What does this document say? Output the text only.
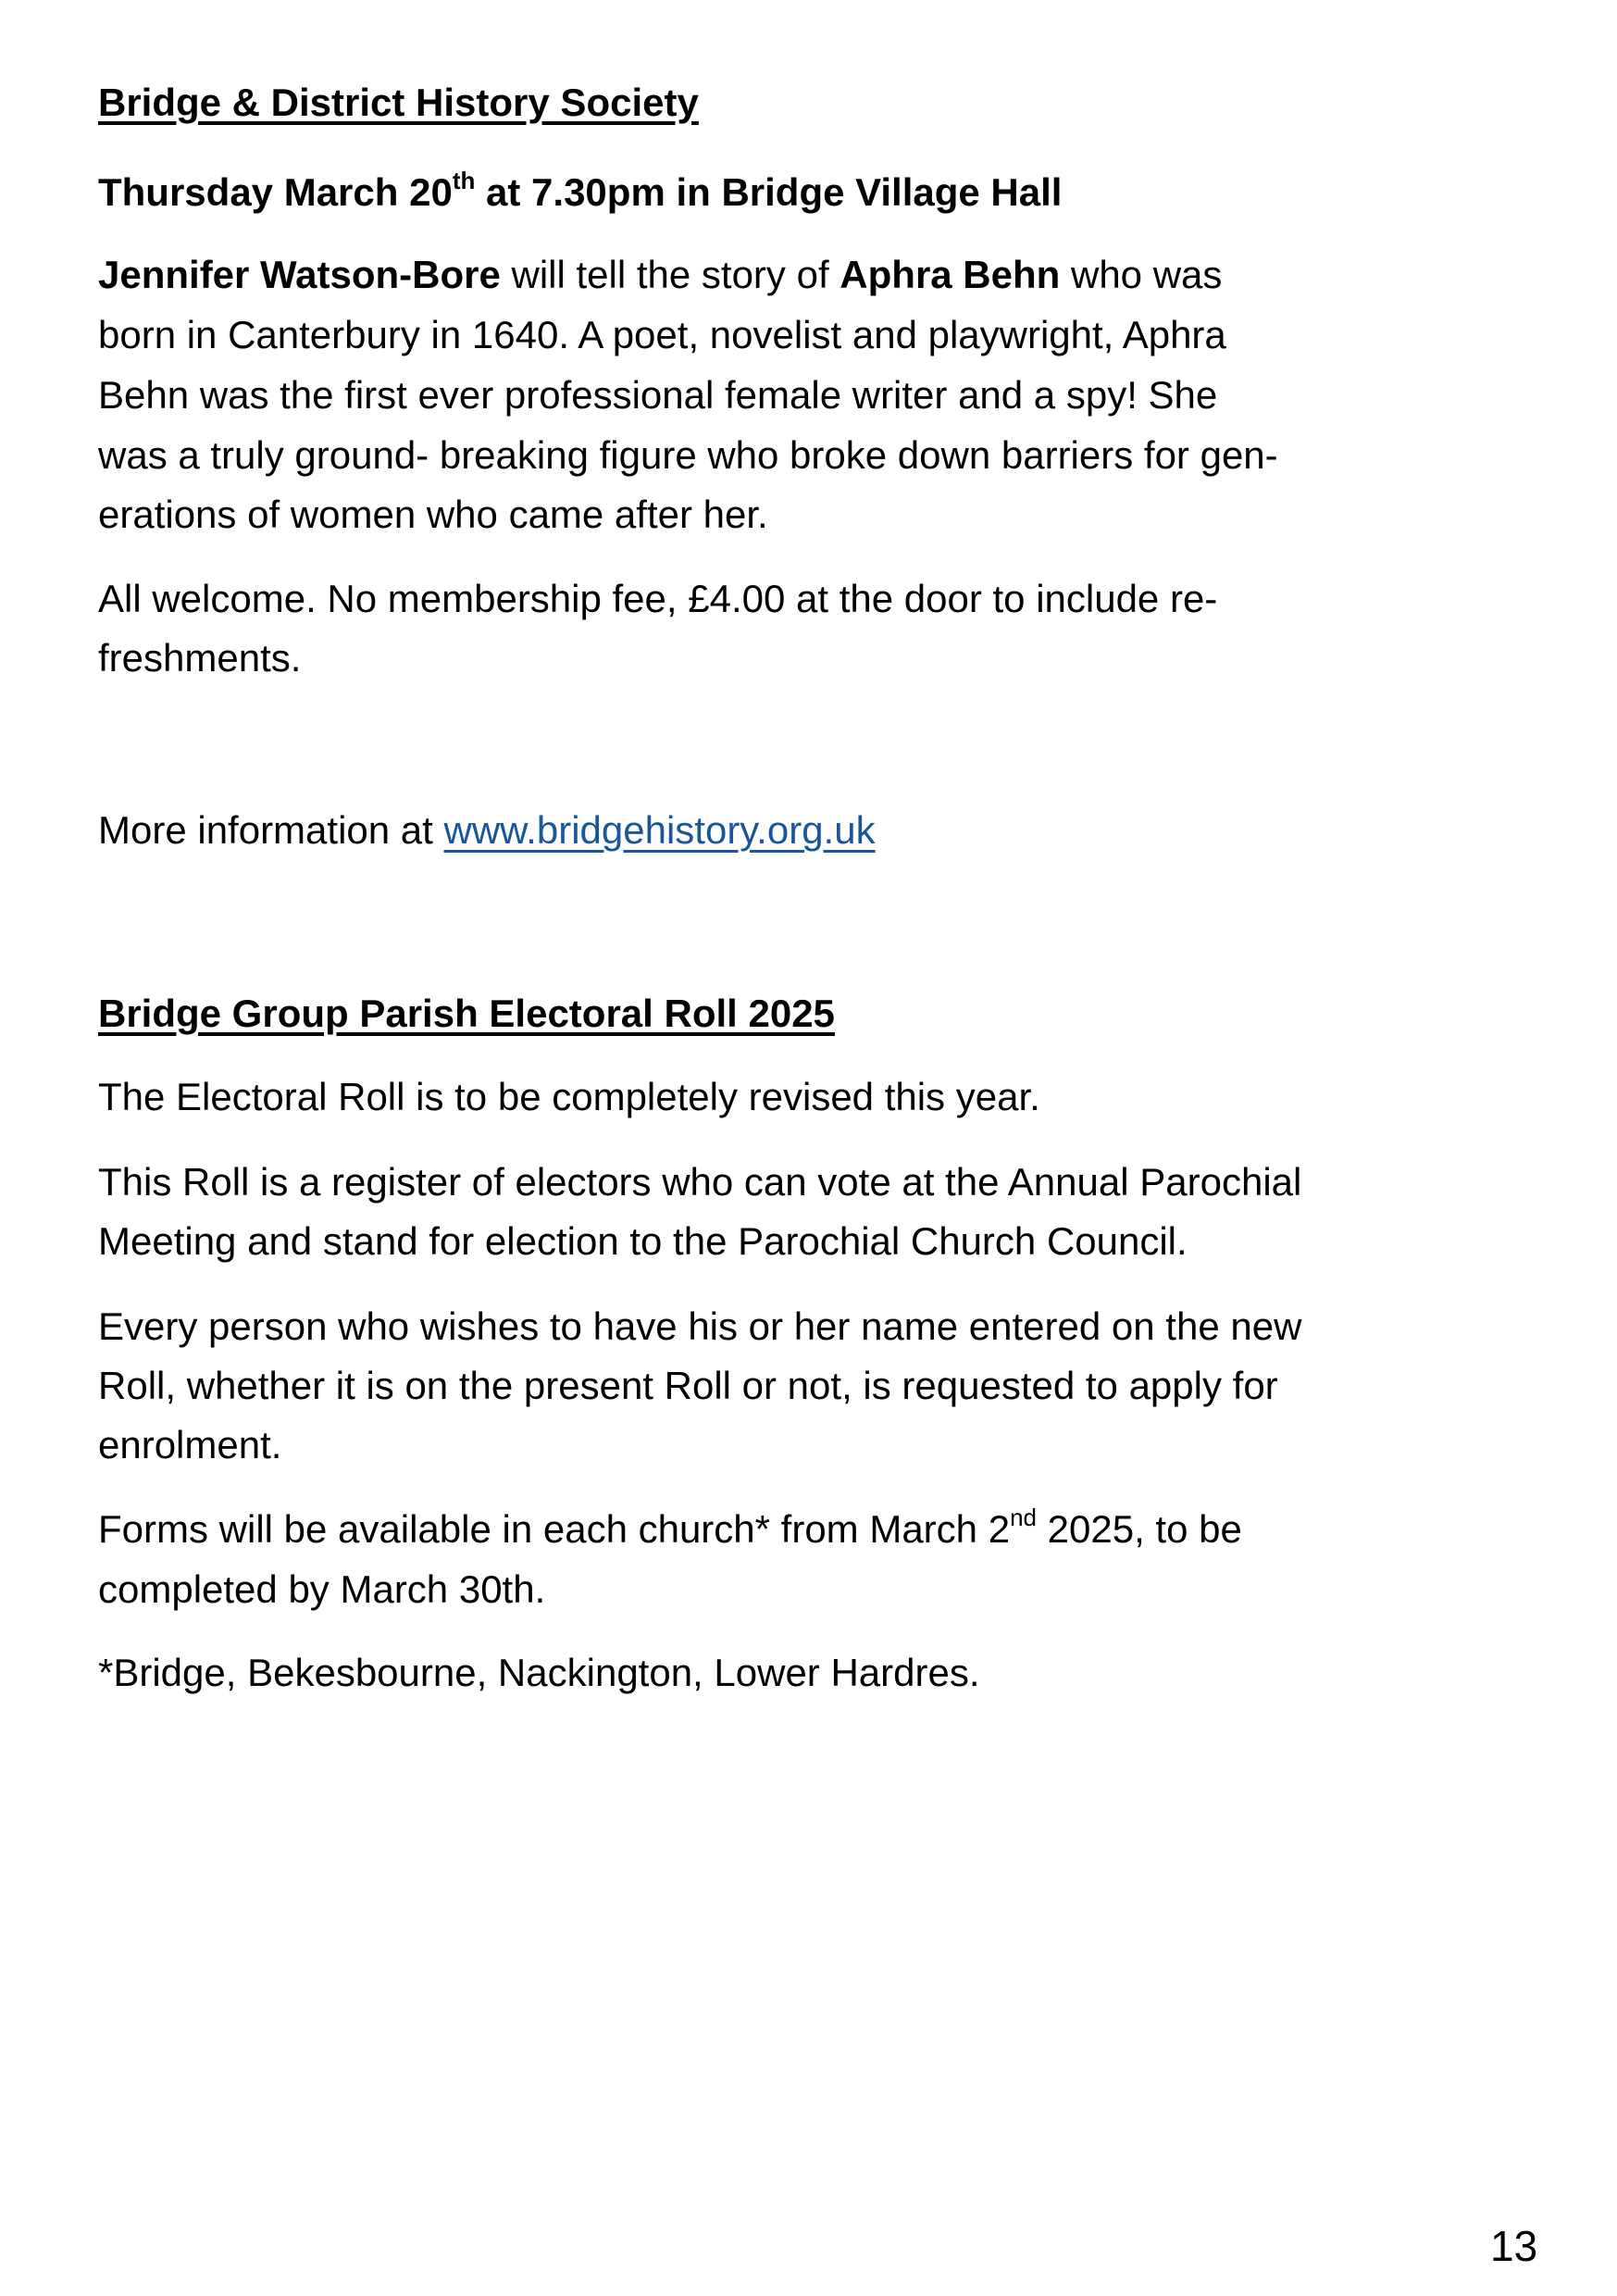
Bridge & District History Society
Thursday March 20th at 7.30pm in Bridge Village Hall
Jennifer Watson-Bore will tell the story of Aphra Behn who was
born in Canterbury in 1640. A poet, novelist and playwright, Aphra
Behn was the first ever professional female writer and a spy! She
was a truly ground- breaking figure who broke down barriers for gen-
erations of women who came after her.
All welcome. No membership fee, £4.00 at the door to include re-
freshments.
More information at www.bridgehistory.org.uk
Bridge Group Parish Electoral Roll 2025
The Electoral Roll is to be completely revised this year.
This Roll is a register of electors who can vote at the Annual Parochial
Meeting and stand for election to the Parochial Church Council.
Every person who wishes to have his or her name entered on the new
Roll, whether it is on the present Roll or not, is requested to apply for
enrolment.
Forms will be available in each church* from March 2nd 2025, to be
completed by March 30th.
*Bridge, Bekesbourne, Nackington, Lower Hardres.
13
